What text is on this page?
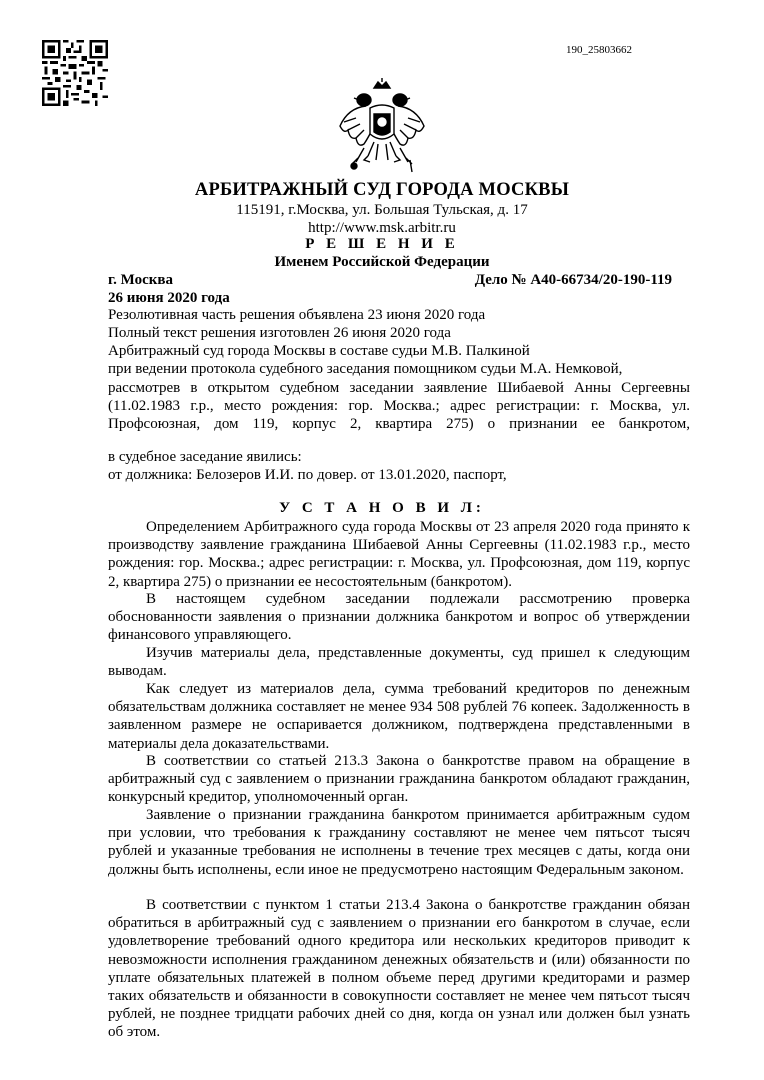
190_25803662
АРБИТРАЖНЫЙ СУД ГОРОДА МОСКВЫ
115191, г.Москва, ул. Большая Тульская, д. 17
http://www.msk.arbitr.ru
Р Е Ш Е Н И Е
Именем Российской Федерации
г. Москва	Дело № А40-66734/20-190-119
26 июня 2020 года
Резолютивная часть решения объявлена 23 июня 2020 года
Полный текст решения изготовлен 26 июня 2020 года
Арбитражный суд города Москвы в составе судьи М.В. Палкиной
при ведении протокола судебного заседания помощником судьи М.А. Немковой,
рассмотрев в открытом судебном заседании заявление Шибаевой Анны Сергеевны (11.02.1983 г.р., место рождения: гор. Москва.; адрес регистрации: г. Москва, ул. Профсоюзная, дом 119, корпус 2, квартира 275) о признании ее банкротом,
в судебное заседание явились:
от должника: Белозеров И.И. по довер. от 13.01.2020, паспорт,
У С Т А Н О В И Л:
Определением Арбитражного суда города Москвы от 23 апреля 2020 года принято к производству заявление гражданина Шибаевой Анны Сергеевны (11.02.1983 г.р., место рождения: гор. Москва.; адрес регистрации: г. Москва, ул. Профсоюзная, дом 119, корпус 2, квартира 275) о признании ее несостоятельным (банкротом).
В настоящем судебном заседании подлежали рассмотрению проверка обоснованности заявления о признании должника банкротом и вопрос об утверждении финансового управляющего.
Изучив материалы дела, представленные документы, суд пришел к следующим выводам.
Как следует из материалов дела, сумма требований кредиторов по денежным обязательствам должника составляет не менее 934 508 рублей 76 копеек. Задолженность в заявленном размере не оспаривается должником, подтверждена представленными в материалы дела доказательствами.
В соответствии со статьей 213.3 Закона о банкротстве правом на обращение в арбитражный суд с заявлением о признании гражданина банкротом обладают гражданин, конкурсный кредитор, уполномоченный орган.
Заявление о признании гражданина банкротом принимается арбитражным судом при условии, что требования к гражданину составляют не менее чем пятьсот тысяч рублей и указанные требования не исполнены в течение трех месяцев с даты, когда они должны быть исполнены, если иное не предусмотрено настоящим Федеральным законом.
В соответствии с пунктом 1 статьи 213.4 Закона о банкротстве гражданин обязан обратиться в арбитражный суд с заявлением о признании его банкротом в случае, если удовлетворение требований одного кредитора или нескольких кредиторов приводит к невозможности исполнения гражданином денежных обязательств и (или) обязанности по уплате обязательных платежей в полном объеме перед другими кредиторами и размер таких обязательств и обязанности в совокупности составляет не менее чем пятьсот тысяч рублей, не позднее тридцати рабочих дней со дня, когда он узнал или должен был узнать об этом.
